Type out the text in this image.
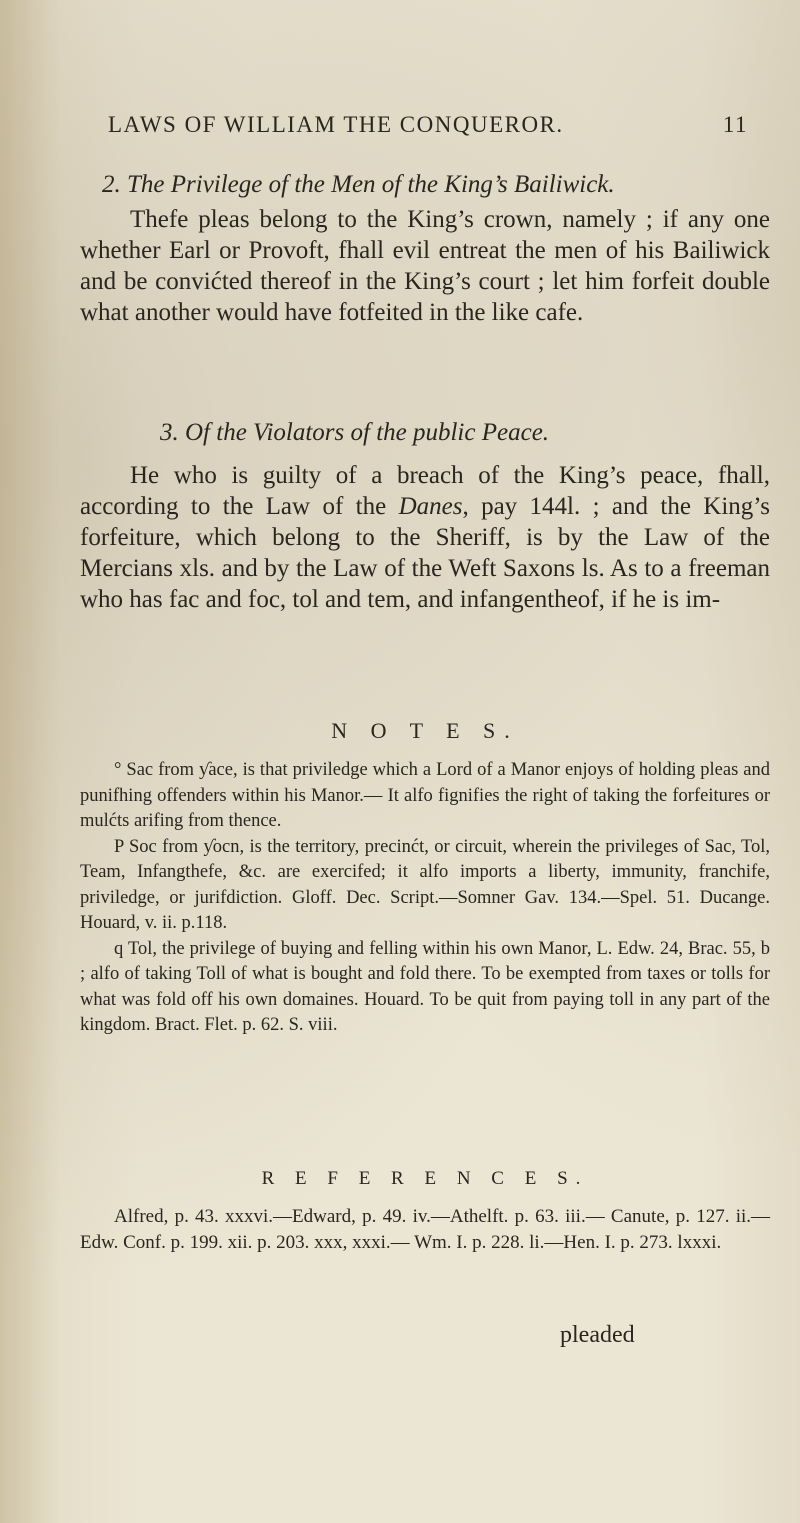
LAWS OF WILLIAM THE CONQUEROR.	11
2. The Privilege of the Men of the King’s Bailiwick.

Thefe pleas belong to the King’s crown, namely ; if any one whether Earl or Provoft, fhall evil entreat the men of his Bailiwick and be convićted thereof in the King’s court ; let him forfeit double what another would have fotfeited in the like cafe.

3. Of the Violators of the public Peace.

He who is guilty of a breach of the King’s peace, fhall, according to the Law of the Danes, pay 144l. ; and the King’s forfeiture, which belong to the Sheriff, is by the Law of the Mercians xls. and by the Law of the Weft Saxons ls. As to a freeman who has fac and foc, tol and tem, and infangentheof, if he is im-

N O T E S.

° Sac from ƴace, is that priviledge which a Lord of a Manor enjoys of holding pleas and punifhing offenders within his Manor.— It alfo fignifies the right of taking the forfeitures or mulćts arifing from thence.

P Soc from ƴocn, is the territory, precinćt, or circuit, wherein the privileges of Sac, Tol, Team, Infangthefe, &c. are exercifed; it alfo imports a liberty, immunity, franchife, priviledge, or jurifdiction. Gloff. Dec. Script.—Somner Gav. 134.—Spel. 51. Ducange. Houard, v. ii. p.118.

q Tol, the privilege of buying and felling within his own Manor, L. Edw. 24, Brac. 55, b ; alfo of taking Toll of what is bought and fold there. To be exempted from taxes or tolls for what was fold off his own domaines. Houard. To be quit from paying toll in any part of the kingdom. Bract. Flet. p. 62. S. viii.

R E F E R E N C E S.

Alfred, p. 43. xxxvi.—Edward, p. 49. iv.—Athelft. p. 63. iii.— Canute, p. 127. ii.—Edw. Conf. p. 199. xii. p. 203. xxx, xxxi.— Wm. I. p. 228. li.—Hen. I. p. 273. lxxxi.

pleaded
